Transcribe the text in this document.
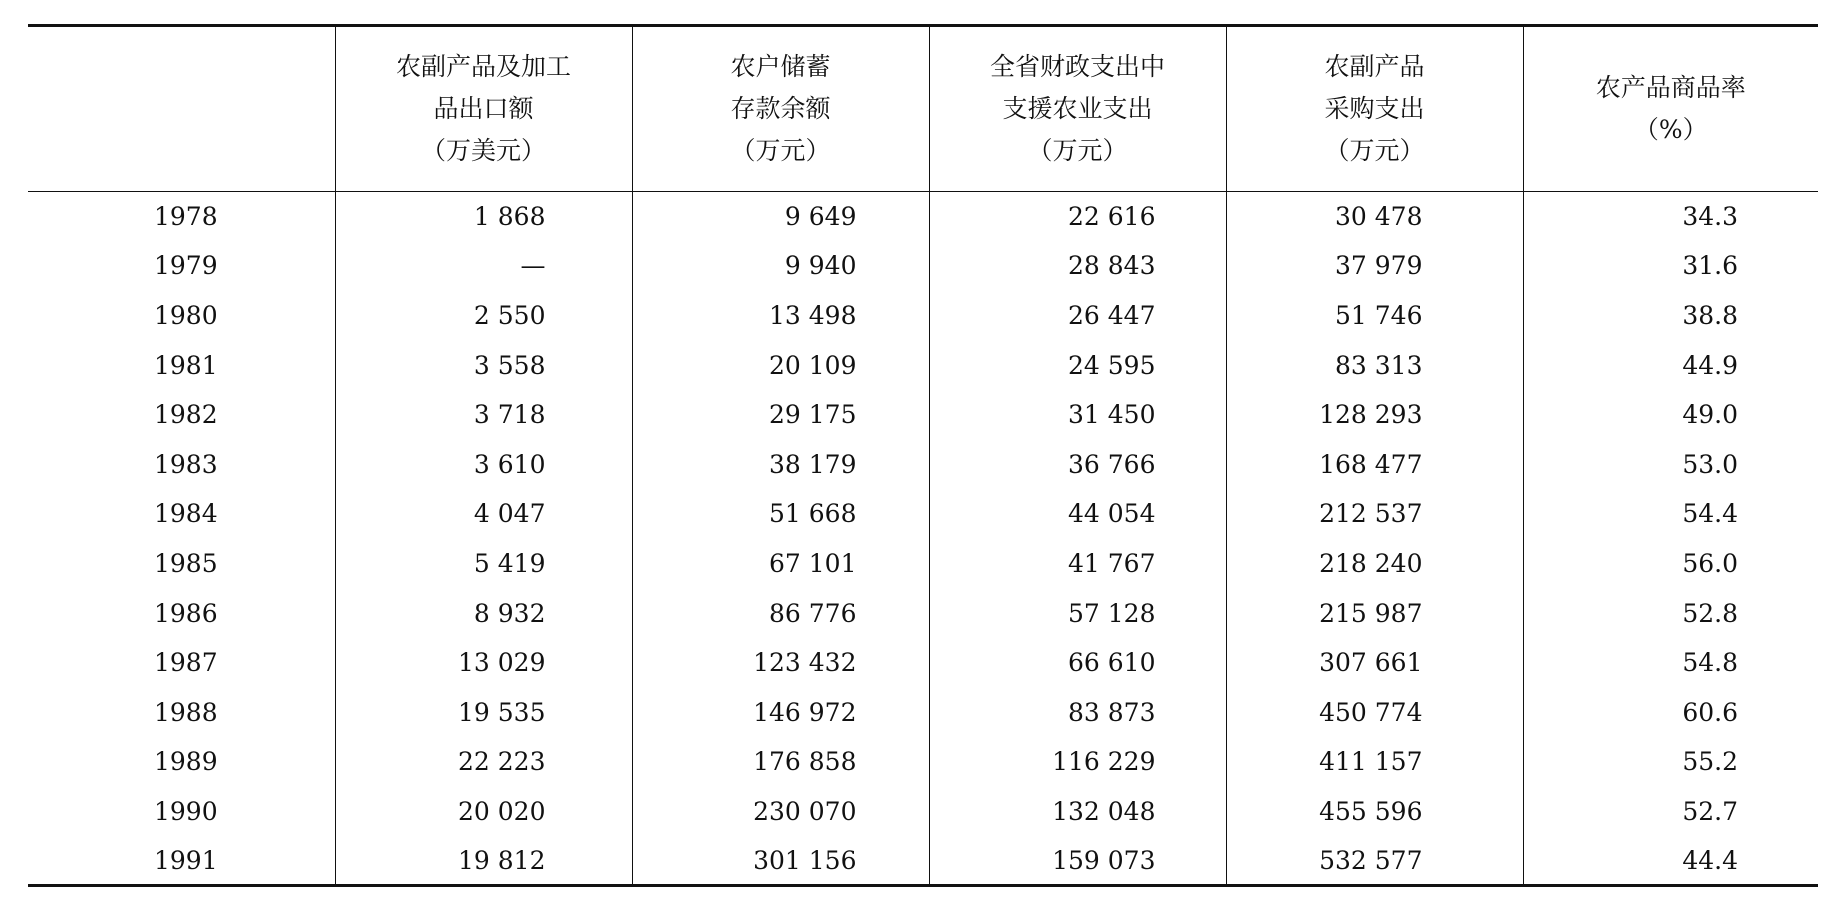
	农副产品及加工
品出口额
（万美元）	农户储蓄
存款余额
（万元）	全省财政支出中
支援农业支出
（万元）	农副产品
采购支出
（万元）	农产品商品率
（%）

1978	1 868	9 649	22 616	30 478	34.3
1979	—	9 940	28 843	37 979	31.6
1980	2 550	13 498	26 447	51 746	38.8
1981	3 558	20 109	24 595	83 313	44.9
1982	3 718	29 175	31 450	128 293	49.0
1983	3 610	38 179	36 766	168 477	53.0
1984	4 047	51 668	44 054	212 537	54.4
1985	5 419	67 101	41 767	218 240	56.0
1986	8 932	86 776	57 128	215 987	52.8
1987	13 029	123 432	66 610	307 661	54.8
1988	19 535	146 972	83 873	450 774	60.6
1989	22 223	176 858	116 229	411 157	55.2
1990	20 020	230 070	132 048	455 596	52.7
1991	19 812	301 156	159 073	532 577	44.4
